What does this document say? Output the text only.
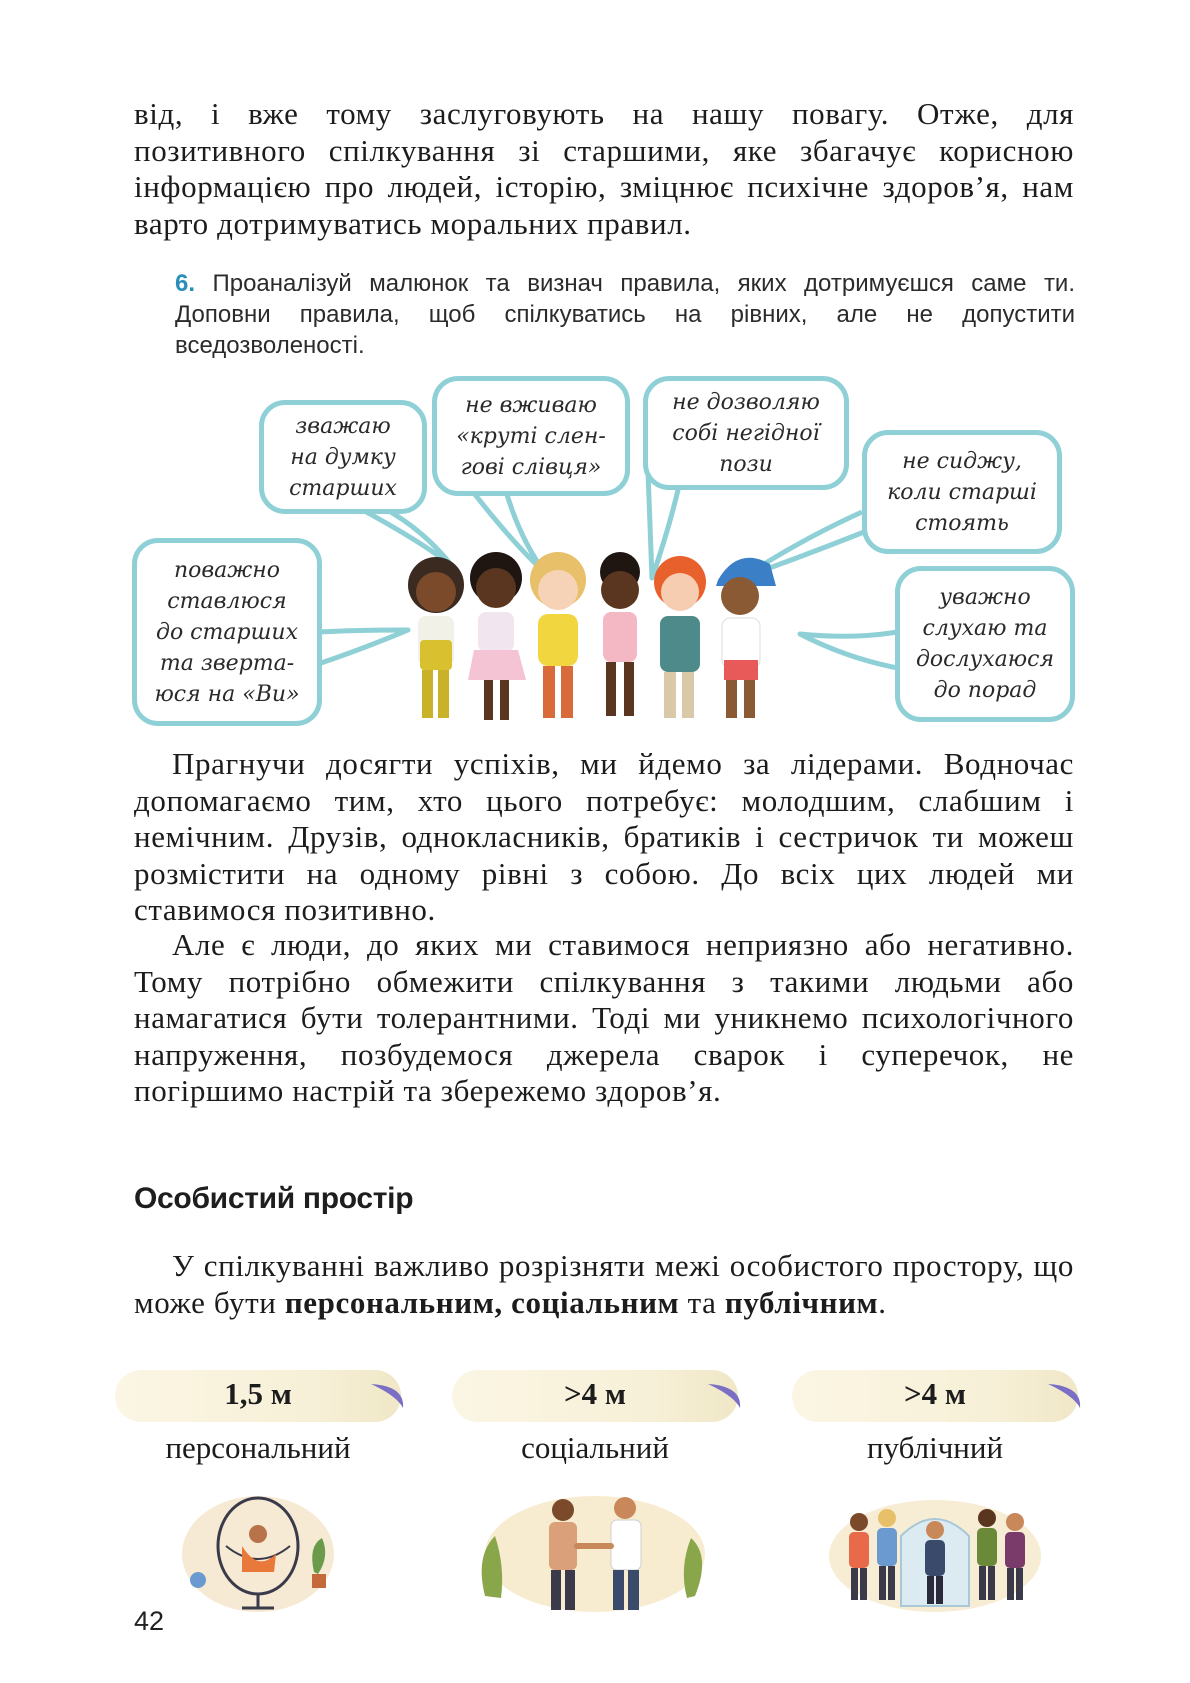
від, і вже тому заслуговують на нашу повагу. Отже, для позитивного спілкування зі старшими, яке збагачує корисною інформацією про людей, історію, зміцнює психічне здоров’я, нам варто дотримуватись моральних правил.

6. Проаналізуй малюнок та визнач правила, яких дотримуєшся саме ти. Доповни правила, щоб спілкуватись на рівних, але не допустити вседозволеності.

зважаю
на думку
старших
не вживаю
«круті слен-
гові слівця»
не дозволяю
собі негідної
пози	не сиджу,
коли старші
стоять
поважно
ставлюся
до старших
та зверта-
юся на «Ви»
уважно
слухаю та
дослухаюся
до порад

Прагнучи досягти успіхів, ми йдемо за лідерами. Водночас допомагаємо тим, хто цього потребує: молодшим, слабшим і немічним. Друзів, однокласників, братиків і сестричок ти можеш розмістити на одному рівні з собою. До всіх цих людей ми ставимося позитивно.

Але є люди, до яких ми ставимося неприязно або негативно. Тому потрібно обмежити спілкування з такими людьми або намагатися бути толерантними. Тоді ми уникнемо психологічного напруження, позбудемося джерела сварок і суперечок, не погіршимо настрій та збережемо здоров’я.

Особистий простір

У спілкуванні важливо розрізняти межі особистого простору, що може бути персональним, соціальним та публічним.

1,5 м
персональний
>4 м
соціальний
>4 м
публічний
42
